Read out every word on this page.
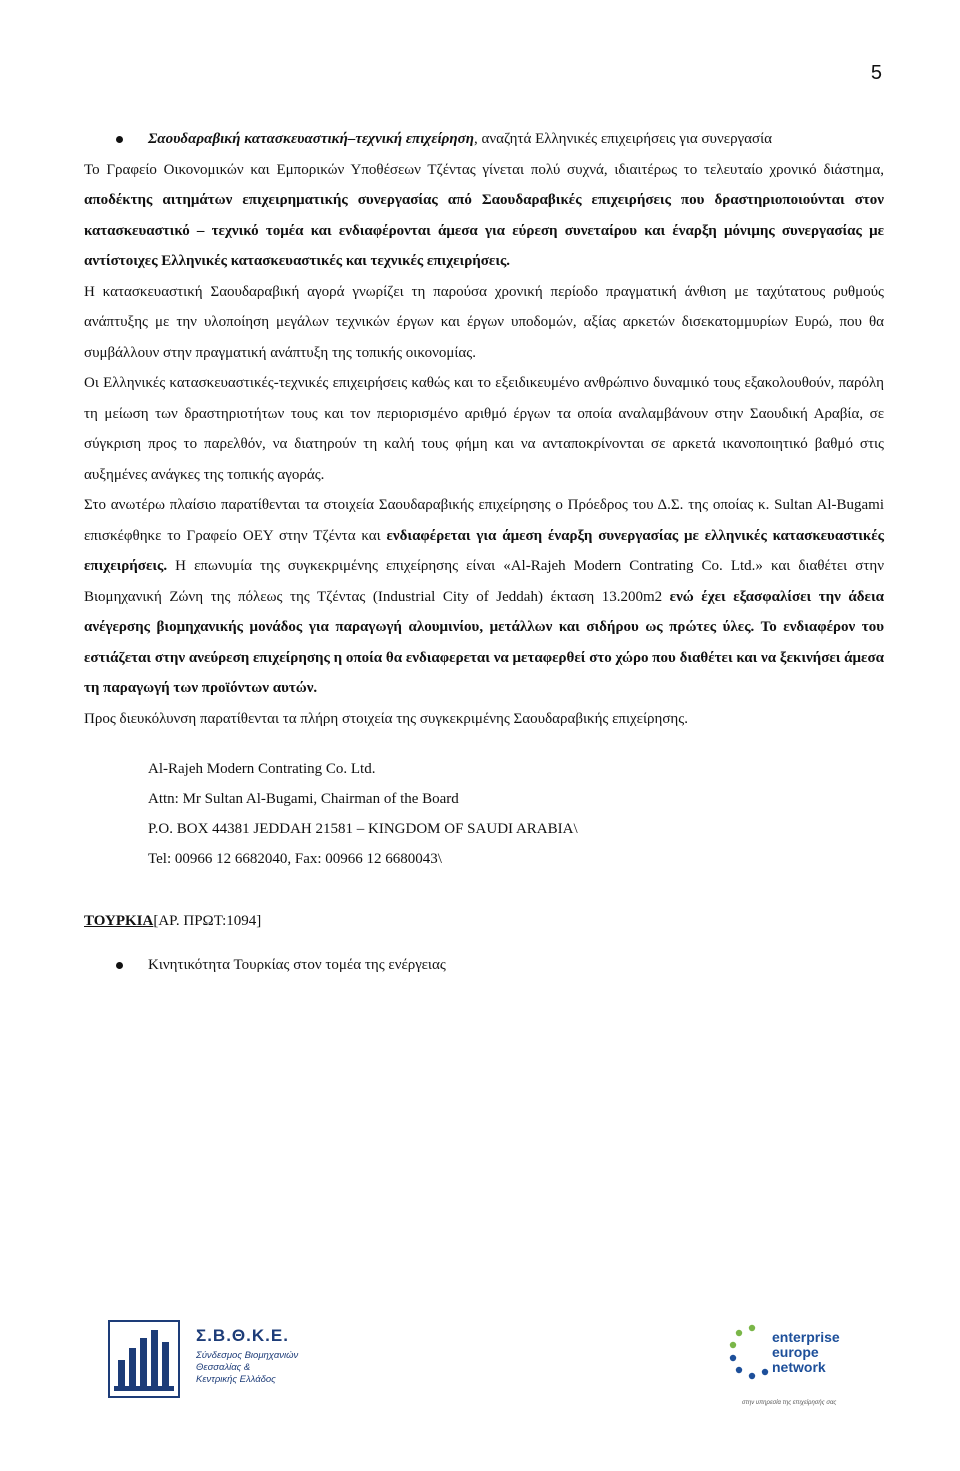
5

Σαουδαραβική κατασκευαστική–τεχνική επιχείρηση, αναζητά Ελληνικές επιχειρήσεις για συνεργασία

Το Γραφείο Οικονομικών και Εμπορικών Υποθέσεων Τζέντας γίνεται πολύ συχνά, ιδιαιτέρως το τελευταίο χρονικό διάστημα, αποδέκτης αιτημάτων επιχειρηματικής συνεργασίας από Σαουδαραβικές επιχειρήσεις που δραστηριοποιούνται στον κατασκευαστικό – τεχνικό τομέα και ενδιαφέρονται άμεσα για εύρεση συνεταίρου και έναρξη μόνιμης συνεργασίας με αντίστοιχες Ελληνικές κατασκευαστικές και τεχνικές επιχειρήσεις.

Η κατασκευαστική Σαουδαραβική αγορά γνωρίζει τη παρούσα χρονική περίοδο πραγματική άνθιση με ταχύτατους ρυθμούς ανάπτυξης με την υλοποίηση μεγάλων τεχνικών έργων και έργων υποδομών, αξίας αρκετών δισεκατομμυρίων Ευρώ, που θα συμβάλλουν στην πραγματική ανάπτυξη της τοπικής οικονομίας.

Οι Ελληνικές κατασκευαστικές-τεχνικές επιχειρήσεις καθώς και το εξειδικευμένο ανθρώπινο δυναμικό τους εξακολουθούν, παρόλη τη μείωση των δραστηριοτήτων τους και τον περιορισμένο αριθμό έργων τα οποία αναλαμβάνουν στην Σαουδική Αραβία, σε σύγκριση προς το παρελθόν, να διατηρούν τη καλή τους φήμη και να ανταποκρίνονται σε αρκετά ικανοποιητικό βαθμό στις αυξημένες ανάγκες της τοπικής αγοράς.

Στο ανωτέρω πλαίσιο παρατίθενται τα στοιχεία Σαουδαραβικής επιχείρησης ο Πρόεδρος του Δ.Σ. της οποίας κ. Sultan Al-Bugami επισκέφθηκε το Γραφείο ΟΕΥ στην Τζέντα και ενδιαφέρεται για άμεση έναρξη συνεργασίας με ελληνικές κατασκευαστικές επιχειρήσεις. Η επωνυμία της συγκεκριμένης επιχείρησης είναι «Al-Rajeh Modern Contrating Co. Ltd.» και διαθέτει στην Βιομηχανική Ζώνη της πόλεως της Τζέντας (Industrial City of Jeddah) έκταση 13.200m2 ενώ έχει εξασφαλίσει την άδεια ανέγερσης βιομηχανικής μονάδος για παραγωγή αλουμινίου, μετάλλων και σιδήρου ως πρώτες ύλες. Το ενδιαφέρον του εστιάζεται στην ανεύρεση επιχείρησης η οποία θα ενδιαφερεται να μεταφερθεί στο χώρο που διαθέτει και να ξεκινήσει άμεσα τη παραγωγή των προϊόντων αυτών.

Προς διευκόλυνση παρατίθενται τα πλήρη στοιχεία της συγκεκριμένης Σαουδαραβικής επιχείρησης.

Al-Rajeh Modern Contrating Co. Ltd.
Attn: Mr Sultan Al-Bugami, Chairman of the Board
P.O. BOX 44381 JEDDAH 21581 – KINGDOM OF SAUDI ARABIA\
Tel: 00966 12 6682040, Fax: 00966 12 6680043\
ΤΟΥΡΚΙΑ[ΑΡ. ΠΡΩΤ:1094]

Κινητικότητα Τουρκίας στον τομέα της ενέργειας

Σ.Β.Θ.Κ.Ε.
Σύνδεσμος Βιομηχανιών
Θεσσαλίας &
Κεντρικής Ελλάδος
enterprise
europe
network
στην υπηρεσία της επιχείρησής σας
